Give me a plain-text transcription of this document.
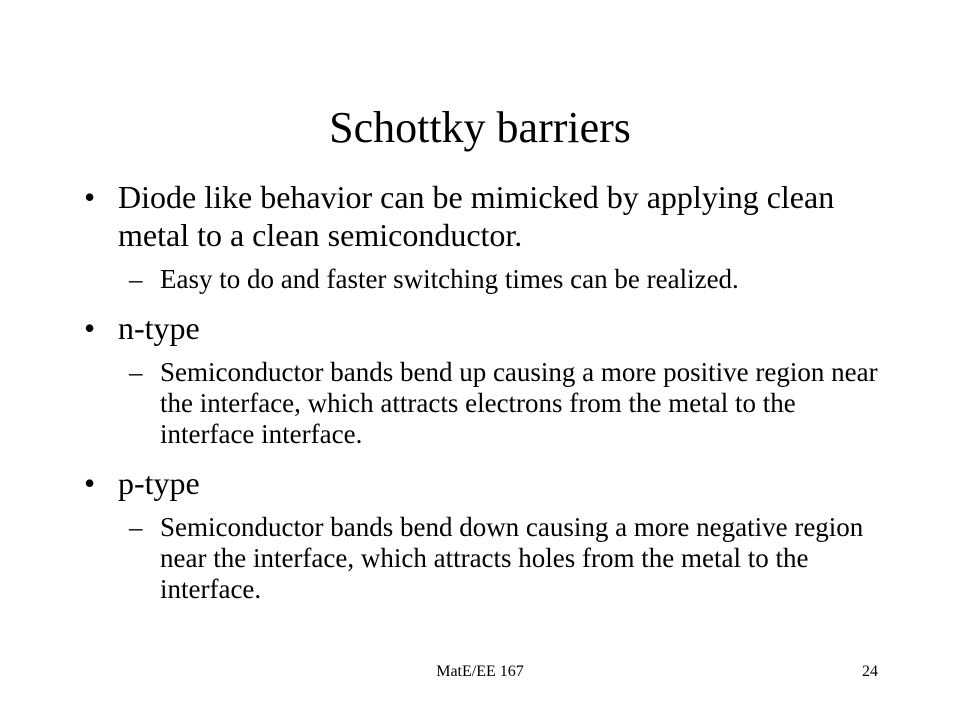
Schottky barriers
• Diode like behavior can be mimicked by applying clean metal to a clean semiconductor.
– Easy to do and faster switching times can be realized.
• n-type
– Semiconductor bands bend up causing a more positive region near the interface, which attracts electrons from the metal to the interface interface.
• p-type
– Semiconductor bands bend down causing a more negative region near the interface, which attracts holes from the metal to the interface.
MatE/EE 167	24
